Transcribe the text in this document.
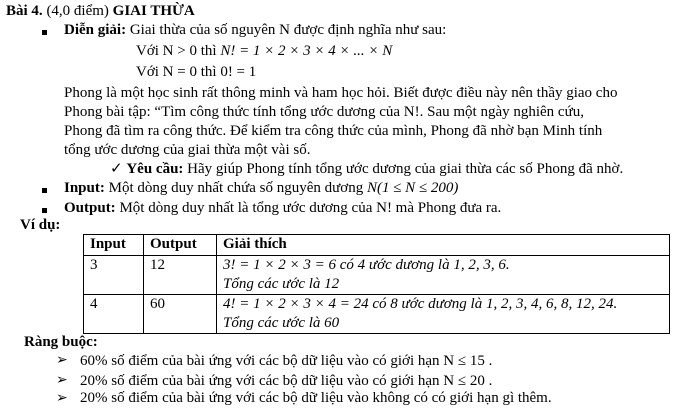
Bài 4. (4,0 điểm) GIAI THỪA
Diễn giải: Giai thừa của số nguyên N được định nghĩa như sau:
Với N > 0 thì N! = 1 × 2 × 3 × 4 × ... × N
Với N = 0 thì 0! = 1
Phong là một học sinh rất thông minh và ham học hỏi. Biết được điều này nên thầy giao cho
Phong bài tập: “Tìm công thức tính tổng ước dương của N!. Sau một ngày nghiên cứu,
Phong đã tìm ra công thức. Để kiểm tra công thức của mình, Phong đã nhờ bạn Minh tính
tổng ước dương của giai thừa một vài số.
✓ Yêu cầu: Hãy giúp Phong tính tổng ước dương của giai thừa các số Phong đã nhờ.
Input: Một dòng duy nhất chứa số nguyên dương N(1 ≤ N ≤ 200)
Output: Một dòng duy nhất là tổng ước dương của N! mà Phong đưa ra.
Ví dụ:
Input	Output	Giải thích
3	12	3! = 1 × 2 × 3 = 6 có 4 ước dương là 1, 2, 3, 6.
Tổng các ước là 12

4	60	4! = 1 × 2 × 3 × 4 = 24 có 8 ước dương là 1, 2, 3, 4, 6, 8, 12, 24.
Tổng các ước là 60
Ràng buộc:
➢ 60% số điểm của bài ứng với các bộ dữ liệu vào có giới hạn N ≤ 15 .
➢ 20% số điểm của bài ứng với các bộ dữ liệu vào có giới hạn N ≤ 20 .
➢ 20% số điểm của bài ứng với các bộ dữ liệu vào không có có giới hạn gì thêm.
